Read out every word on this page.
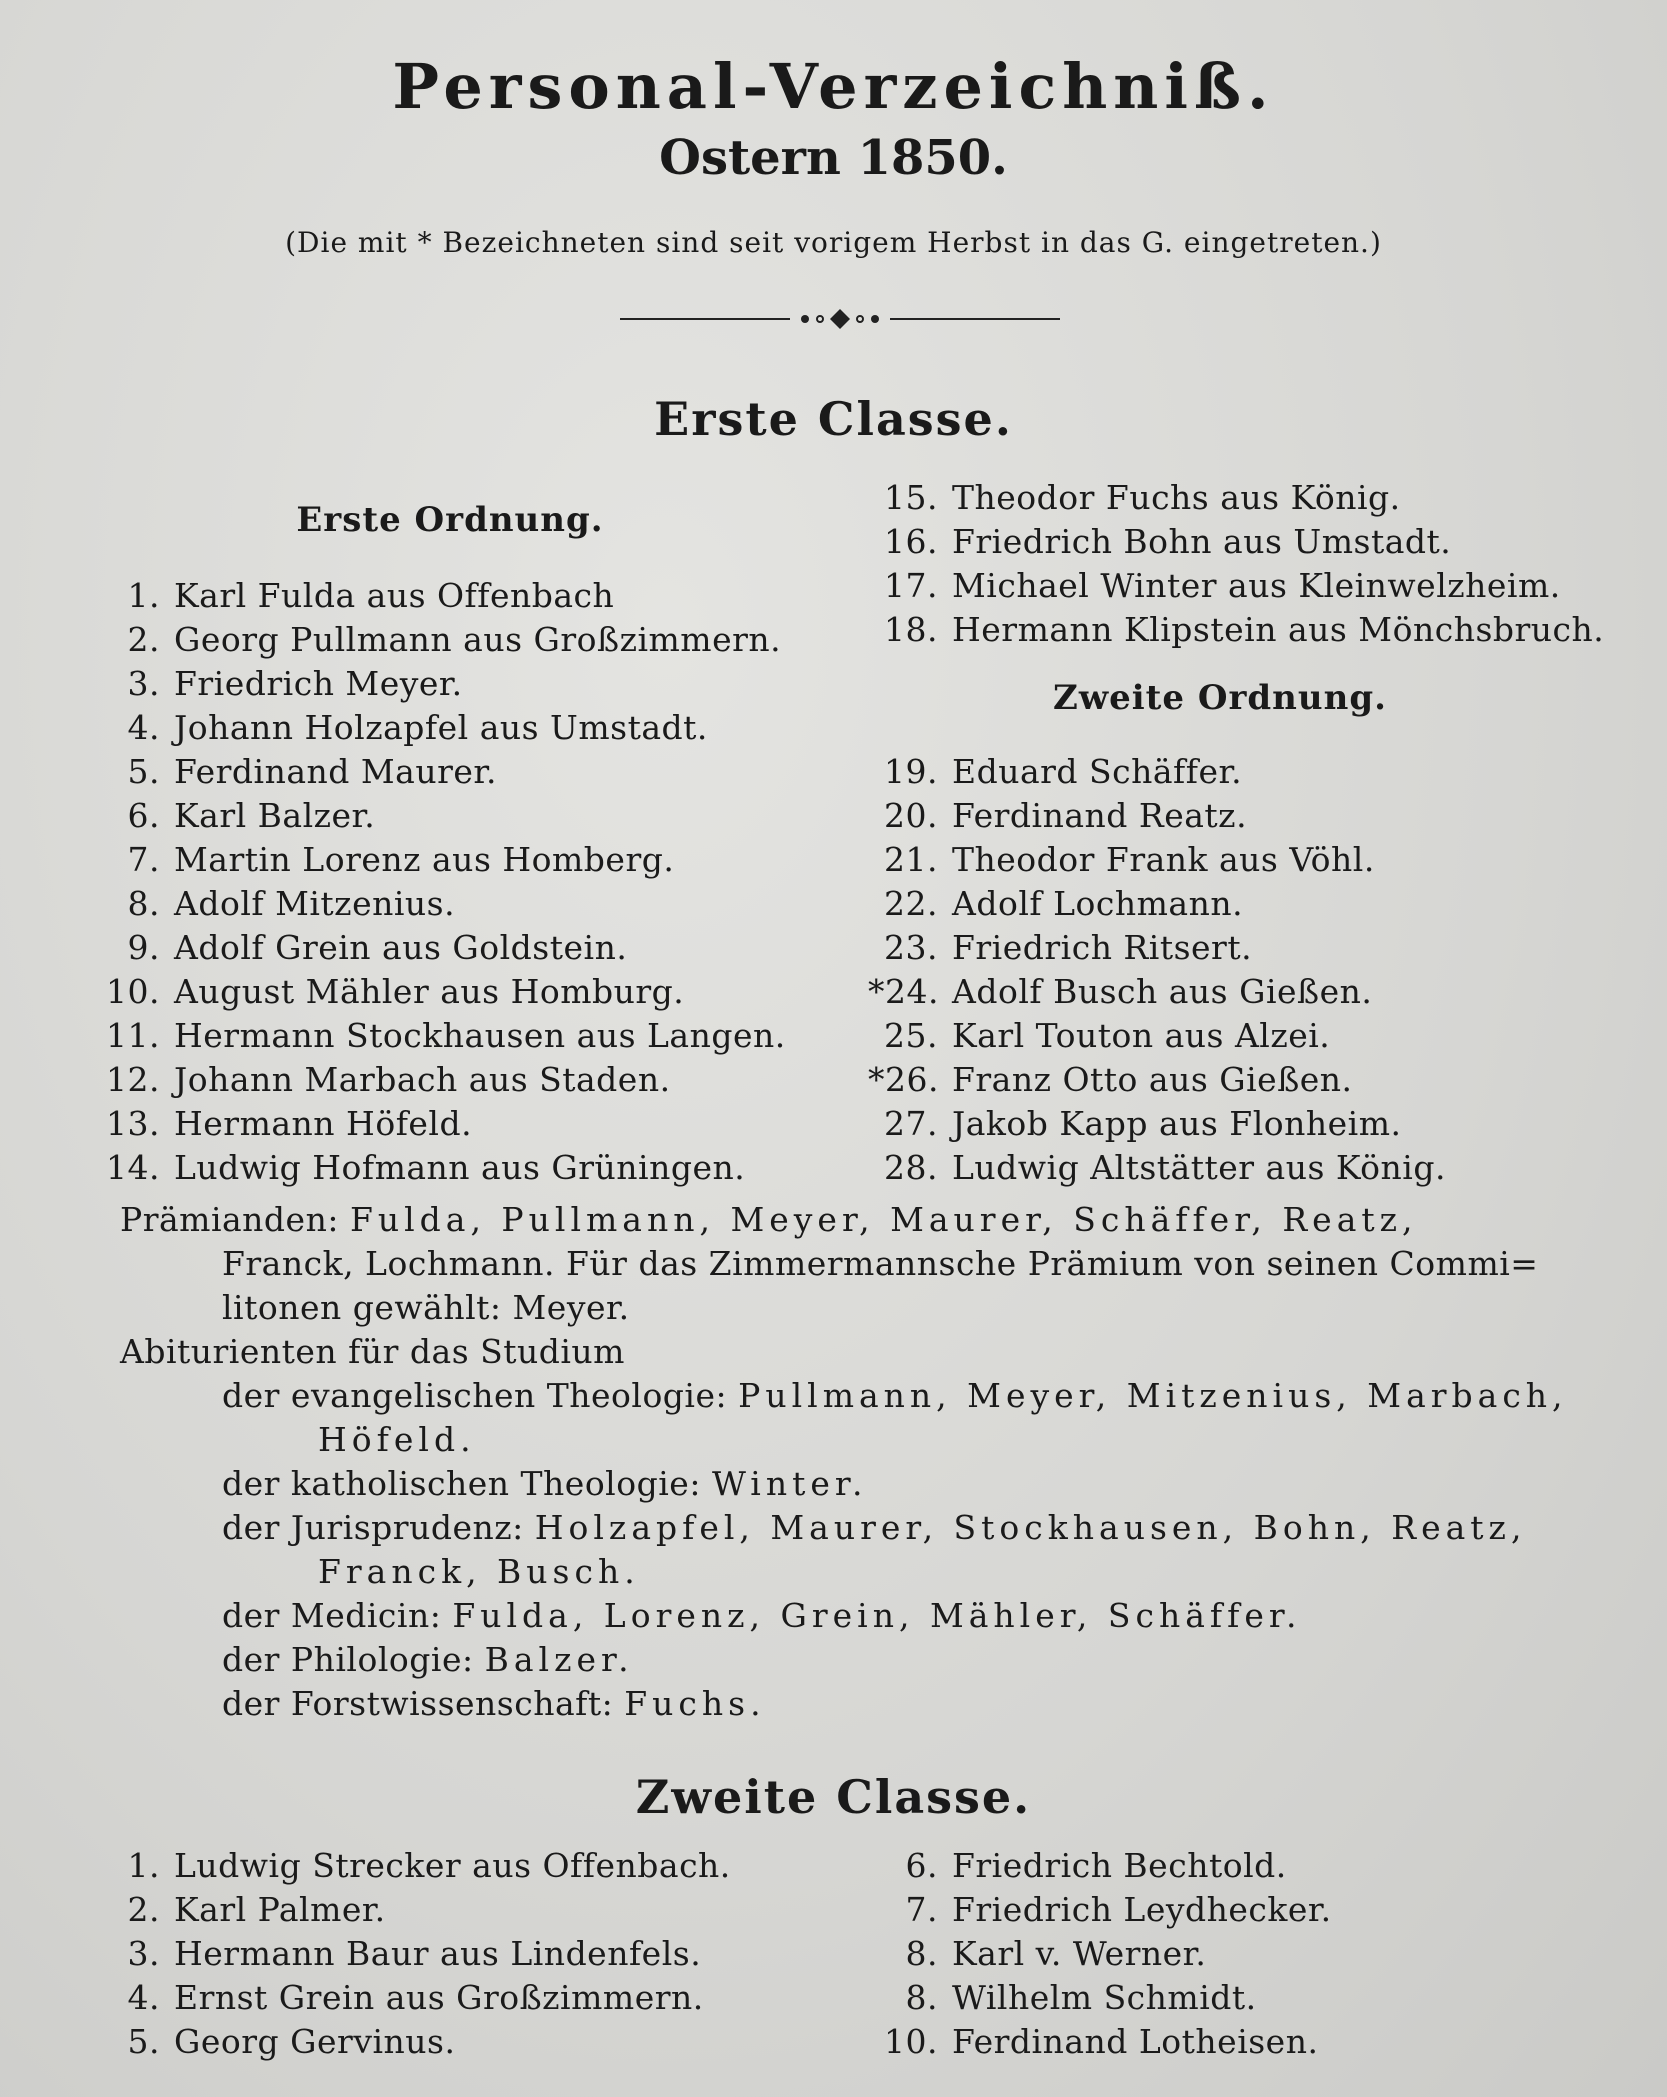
Personal-Verzeichniß.
Ostern 1850.
(Die mit * Bezeichneten sind seit vorigem Herbst in das G. eingetreten.)
Erste Classe.
Erste Ordnung.
1. Karl Fulda aus Offenbach
2. Georg Pullmann aus Großzimmern.
3. Friedrich Meyer.
4. Johann Holzapfel aus Umstadt.
5. Ferdinand Maurer.
6. Karl Balzer.
7. Martin Lorenz aus Homberg.
8. Adolf Mitzenius.
9. Adolf Grein aus Goldstein.
10. August Mähler aus Homburg.
11. Hermann Stockhausen aus Langen.
12. Johann Marbach aus Staden.
13. Hermann Höfeld.
14. Ludwig Hofmann aus Grüningen.
15. Theodor Fuchs aus König.
16. Friedrich Bohn aus Umstadt.
17. Michael Winter aus Kleinwelzheim.
18. Hermann Klipstein aus Mönchsbruch.
Zweite Ordnung.
19. Eduard Schäffer.
20. Ferdinand Reatz.
21. Theodor Frank aus Vöhl.
22. Adolf Lochmann.
23. Friedrich Ritsert.
*24. Adolf Busch aus Gießen.
25. Karl Touton aus Alzei.
*26. Franz Otto aus Gießen.
27. Jakob Kapp aus Flonheim.
28. Ludwig Altstätter aus König.
Prämianden: Fulda, Pullmann, Meyer, Maurer, Schäffer, Reatz,
Franck, Lochmann. Für das Zimmermannsche Prämium von seinen Commi=
litonen gewählt: Meyer.
Abiturienten für das Studium
der evangelischen Theologie: Pullmann, Meyer, Mitzenius, Marbach,
Höfeld.
der katholischen Theologie: Winter.
der Jurisprudenz: Holzapfel, Maurer, Stockhausen, Bohn, Reatz,
Franck, Busch.
der Medicin: Fulda, Lorenz, Grein, Mähler, Schäffer.
der Philologie: Balzer.
der Forstwissenschaft: Fuchs.
Zweite Classe.
1. Ludwig Strecker aus Offenbach.
2. Karl Palmer.
3. Hermann Baur aus Lindenfels.
4. Ernst Grein aus Großzimmern.
5. Georg Gervinus.
6. Friedrich Bechtold.
7. Friedrich Leydhecker.
8. Karl v. Werner.
8. Wilhelm Schmidt.
10. Ferdinand Lotheisen.
